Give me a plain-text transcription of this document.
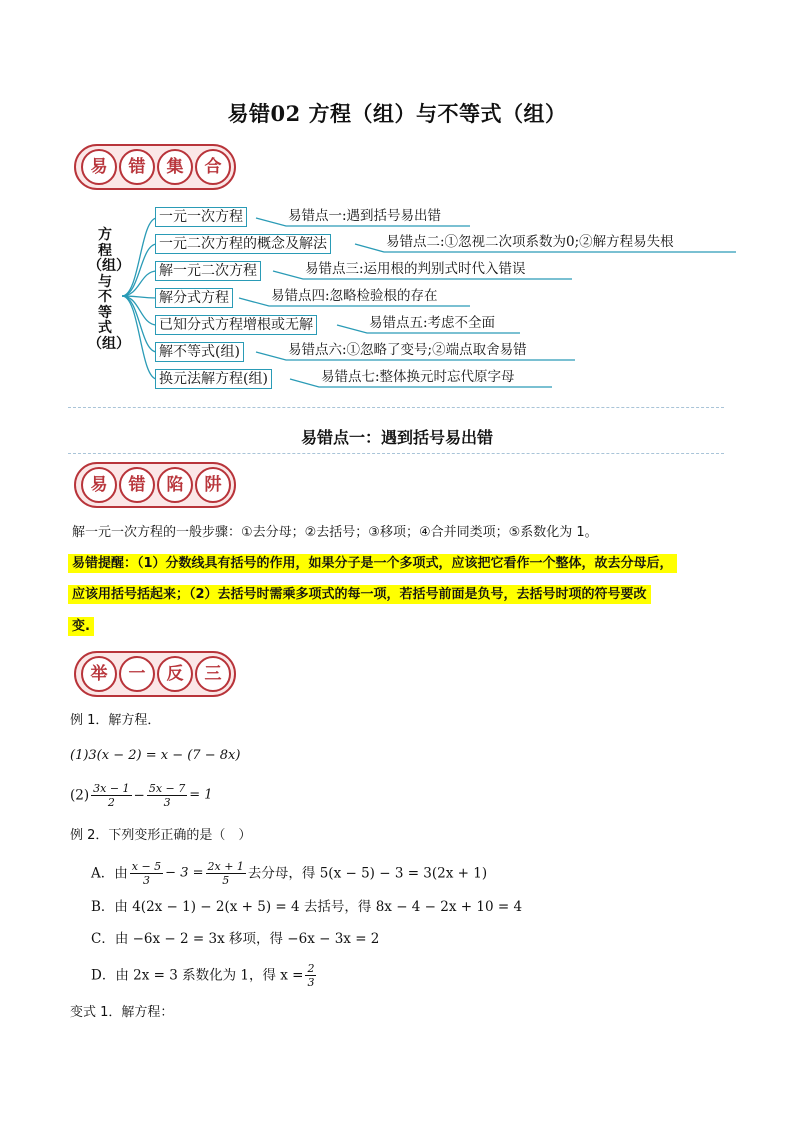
易错02 方程（组）与不等式（组）
易	错	集	合
方
程
（组）
与
不
等
式
（组）
一元一次方程
一元二次方程的概念及解法
解一元二次方程
解分式方程
已知分式方程增根或无解
解不等式(组)
换元法解方程(组)
易错点一:遇到括号易出错
易错点二:①忽视二次项系数为0;②解方程易失根
易错点三:运用根的判别式时代入错误
易错点四:忽略检验根的存在
易错点五:考虑不全面
易错点六:①忽略了变号;②端点取舍易错
易错点七:整体换元时忘代原字母
易错点一：遇到括号易出错
易	错	陷	阱
解一元一次方程的一般步骤：①去分母；②去括号；③移项；④合并同类项；⑤系数化为 1。
易错提醒：（1）分数线具有括号的作用，如果分子是一个多项式，应该把它看作一个整体，故去分母后，
应该用括号括起来；（2）去括号时需乘多项式的每一项，若括号前面是负号，去括号时项的符号要改
变.
举	一	反	三
例 1．解方程．
(1)3(x − 2) = x − (7 − 8x)
$(2) \frac{3x - 1}{2} - \frac{5x - 7}{3} = 1$
例 2．下列变形正确的是（　）
A．由 $\frac{x - 5}{3} - 3 = \frac{2x + 1}{5}$ 去分母，得 5(x − 5) − 3 = 3(2x + 1)
B．由 4(2x − 1) − 2(x + 5) = 4 去括号，得 8x − 4 − 2x + 10 = 4
C．由 −6x − 2 = 3x 移项，得 −6x − 3x = 2
D．由 2x = 3 系数化为 1，得 $x = \frac{2}{3}$
变式 1．解方程：
